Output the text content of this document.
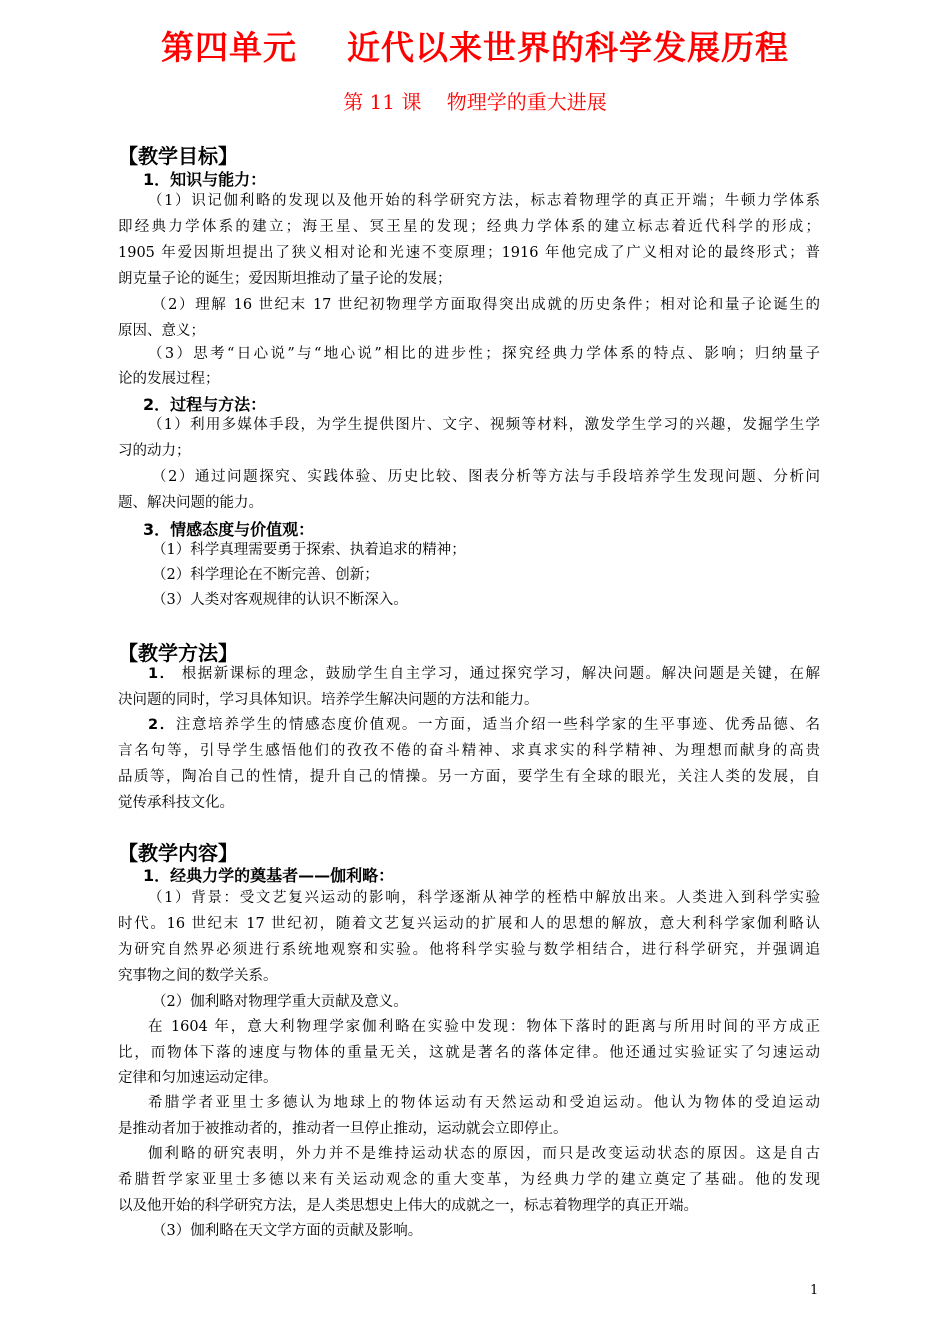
第四单元    近代以来世界的科学发展历程
第 11 课    物理学的重大进展
【教学目标】
1．知识与能力：
（1）识记伽利略的发现以及他开始的科学研究方法，标志着物理学的真正开端；牛顿力学体系
即经典力学体系的建立；海王星、冥王星的发现；经典力学体系的建立标志着近代科学的形成；
1905 年爱因斯坦提出了狭义相对论和光速不变原理；1916 年他完成了广义相对论的最终形式；普
朗克量子论的诞生；爱因斯坦推动了量子论的发展；
（2）理解 16 世纪末 17 世纪初物理学方面取得突出成就的历史条件；相对论和量子论诞生的
原因、意义；
（3）思考“日心说”与“地心说”相比的进步性；探究经典力学体系的特点、影响；归纳量子
论的发展过程；
2．过程与方法：
（1）利用多媒体手段，为学生提供图片、文字、视频等材料，激发学生学习的兴趣，发掘学生学
习的动力；
（2）通过问题探究、实践体验、历史比较、图表分析等方法与手段培养学生发现问题、分析问
题、解决问题的能力。
3．情感态度与价值观：
（1）科学真理需要勇于探索、执着追求的精神；
（2）科学理论在不断完善、创新；
（3）人类对客观规律的认识不断深入。
【教学方法】
1． 根据新课标的理念，鼓励学生自主学习，通过探究学习，解决问题。解决问题是关键，在解
决问题的同时，学习具体知识。培养学生解决问题的方法和能力。
2．注意培养学生的情感态度价值观。一方面，适当介绍一些科学家的生平事迹、优秀品德、名
言名句等，引导学生感悟他们的孜孜不倦的奋斗精神、求真求实的科学精神、为理想而献身的高贵
品质等，陶冶自己的性情，提升自己的情操。另一方面，要学生有全球的眼光，关注人类的发展，自
觉传承科技文化。
【教学内容】
1．经典力学的奠基者——伽利略：
（1）背景：受文艺复兴运动的影响，科学逐渐从神学的桎梏中解放出来。人类进入到科学实验
时代。16 世纪末 17 世纪初，随着文艺复兴运动的扩展和人的思想的解放，意大利科学家伽利略认
为研究自然界必须进行系统地观察和实验。他将科学实验与数学相结合，进行科学研究，并强调追
究事物之间的数学关系。
（2）伽利略对物理学重大贡献及意义。
在 1604 年，意大利物理学家伽利略在实验中发现：物体下落时的距离与所用时间的平方成正
比，而物体下落的速度与物体的重量无关，这就是著名的落体定律。他还通过实验证实了匀速运动
定律和匀加速运动定律。
希腊学者亚里士多德认为地球上的物体运动有天然运动和受迫运动。他认为物体的受迫运动
是推动者加于被推动者的，推动者一旦停止推动，运动就会立即停止。
伽利略的研究表明，外力并不是维持运动状态的原因，而只是改变运动状态的原因。这是自古
希腊哲学家亚里士多德以来有关运动观念的重大变革，为经典力学的建立奠定了基础。他的发现
以及他开始的科学研究方法，是人类思想史上伟大的成就之一，标志着物理学的真正开端。
（3）伽利略在天文学方面的贡献及影响。
1
